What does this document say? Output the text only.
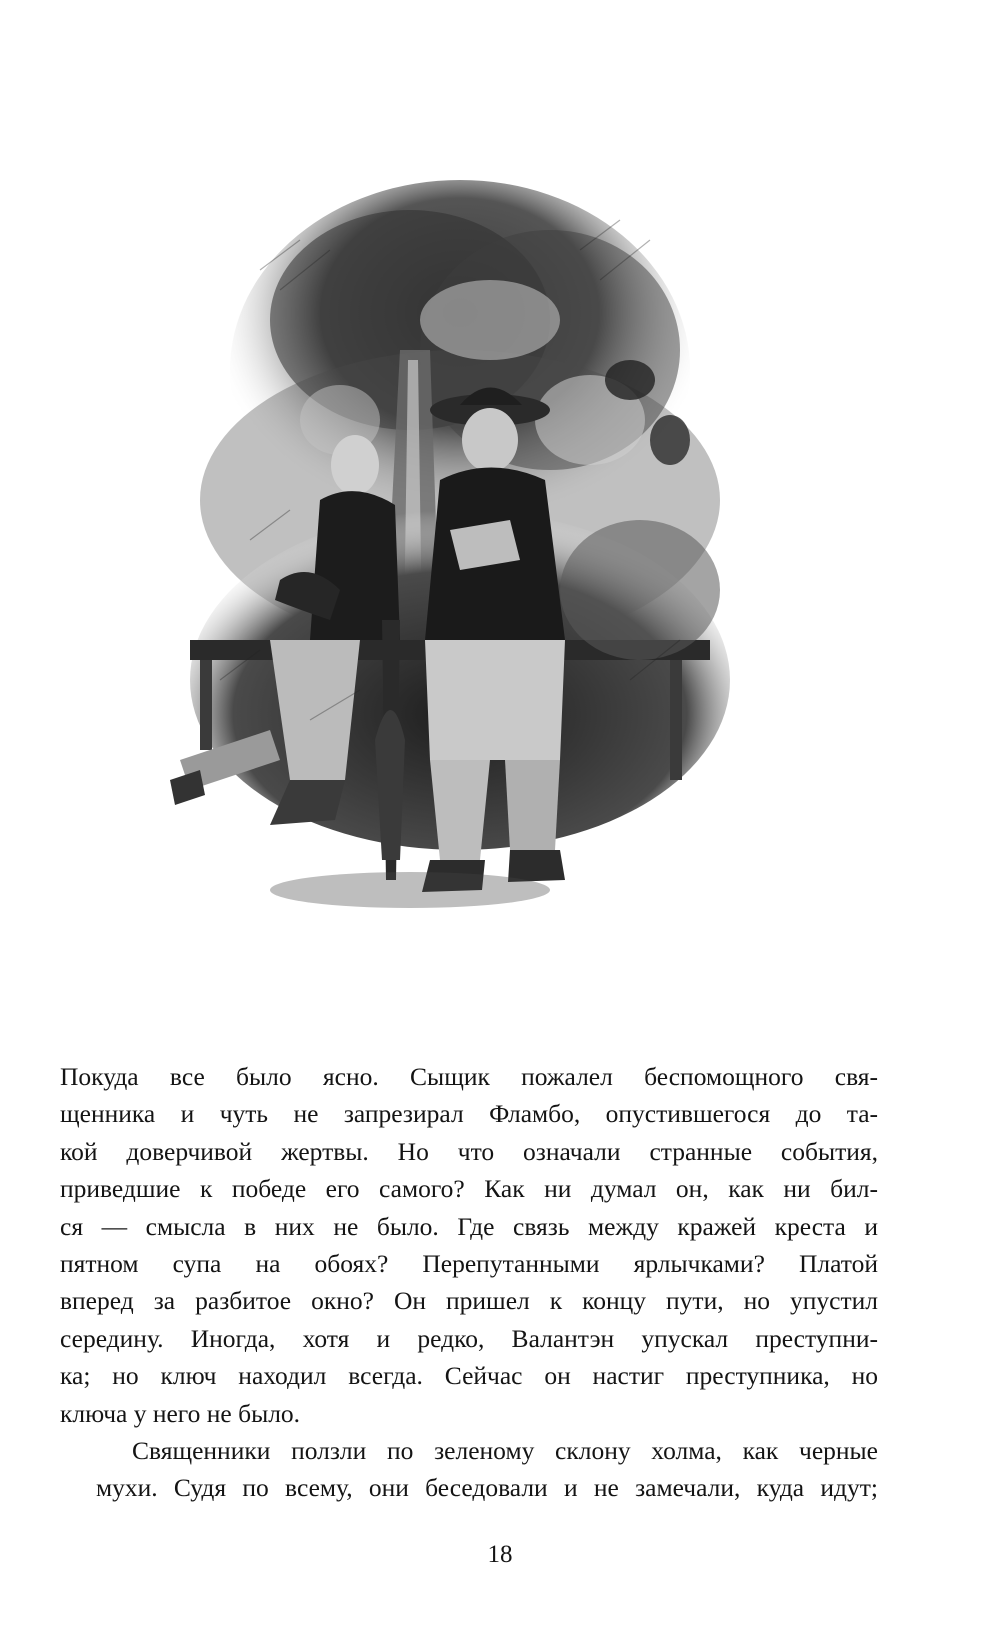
Покуда все было ясно. Сыщик пожалел беспомощного свя-
щенника и чуть не запрезирал Фламбо, опустившегося до та-
кой доверчивой жертвы. Но что означали странные события,
приведшие к победе его самого? Как ни думал он, как ни бил-
ся — смысла в них не было. Где связь между кражей креста и
пятном супа на обоях? Перепутанными ярлычками? Платой
вперед за разбитое окно? Он пришел к концу пути, но упустил
середину. Иногда, хотя и редко, Валантэн упускал преступни-
ка; но ключ находил всегда. Сейчас он настиг преступника, но
ключа у него не было.

Священники ползли по зеленому склону холма, как черные
мухи. Судя по всему, они беседовали и не замечали, куда идут;

18
